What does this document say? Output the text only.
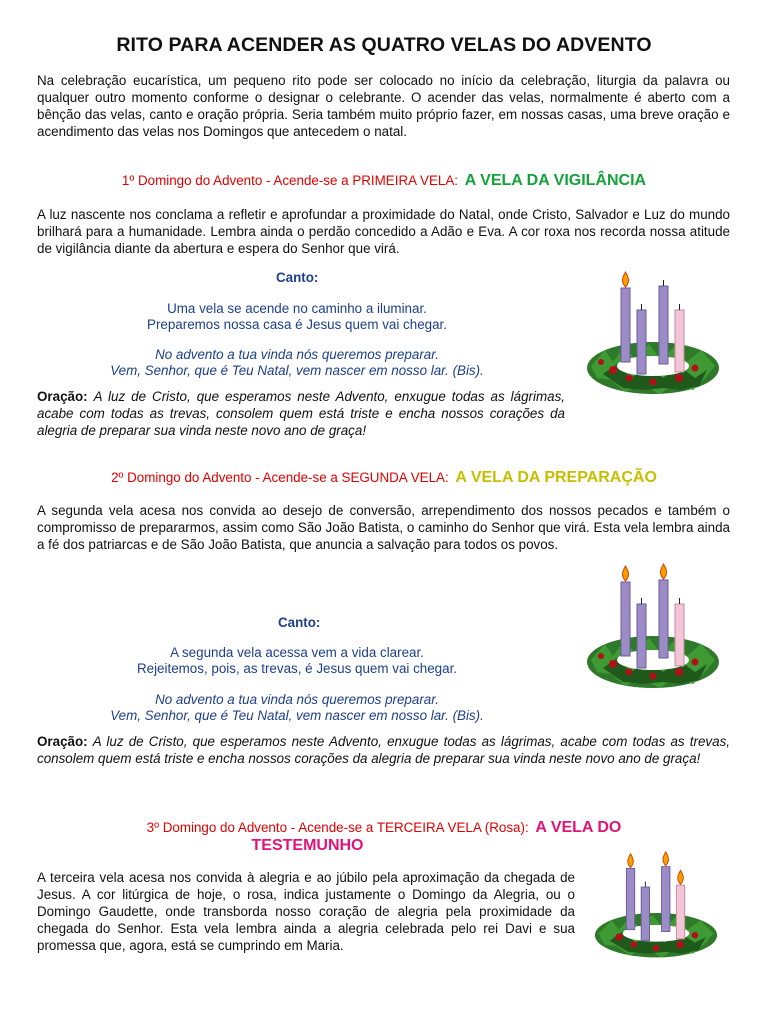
RITO PARA ACENDER AS QUATRO VELAS DO ADVENTO

Na celebração eucarística, um pequeno rito pode ser colocado no início da celebração, liturgia da palavra ou qualquer outro momento conforme o designar o celebrante. O acender das velas, normalmente é aberto com a bênção das velas, canto e oração própria. Seria também muito próprio fazer, em nossas casas, uma breve oração e acendimento das velas nos Domingos que antecedem o natal.

1º Domingo do Advento - Acende-se a PRIMEIRA VELA: A VELA DA VIGILÂNCIA

A luz nascente nos conclama a refletir e aprofundar a proximidade do Natal, onde Cristo, Salvador e Luz do mundo brilhará para a humanidade. Lembra ainda o perdão concedido a Adão e Eva. A cor roxa nos recorda nossa atitude de vigilância diante da abertura e espera do Senhor que virá.

Canto:
Uma vela se acende no caminho a iluminar.
Preparemos nossa casa é Jesus quem vai chegar.
No advento a tua vinda nós queremos preparar.
Vem, Senhor, que é Teu Natal, vem nascer em nosso lar. (Bis).

Oração: A luz de Cristo, que esperamos neste Advento, enxugue todas as lágrimas, acabe com todas as trevas, consolem quem está triste e encha nossos corações da alegria de preparar sua vinda neste novo ano de graça!

2º Domingo do Advento - Acende-se a SEGUNDA VELA: A VELA DA PREPARAÇÃO

A segunda vela acesa nos convida ao desejo de conversão, arrependimento dos nossos pecados e também o compromisso de prepararmos, assim como São João Batista, o caminho do Senhor que virá. Esta vela lembra ainda a fé dos patriarcas e de São João Batista, que anuncia a salvação para todos os povos.

Canto:
A segunda vela acessa vem a vida clarear.
Rejeitemos, pois, as trevas, é Jesus quem vai chegar.
No advento a tua vinda nós queremos preparar.
Vem, Senhor, que é Teu Natal, vem nascer em nosso lar. (Bis).

Oração: A luz de Cristo, que esperamos neste Advento, enxugue todas as lágrimas, acabe com todas as trevas, consolem quem está triste e encha nossos corações da alegria de preparar sua vinda neste novo ano de graça!

3º Domingo do Advento - Acende-se a TERCEIRA VELA (Rosa): A VELA DO
TESTEMUNHO

A terceira vela acesa nos convida à alegria e ao júbilo pela aproximação da chegada de Jesus. A cor litúrgica de hoje, o rosa, indica justamente o Domingo da Alegria, ou o Domingo Gaudette, onde transborda nosso coração de alegria pela proximidade da chegada do Senhor. Esta vela lembra ainda a alegria celebrada pelo rei Davi e sua promessa que, agora, está se cumprindo em Maria.
